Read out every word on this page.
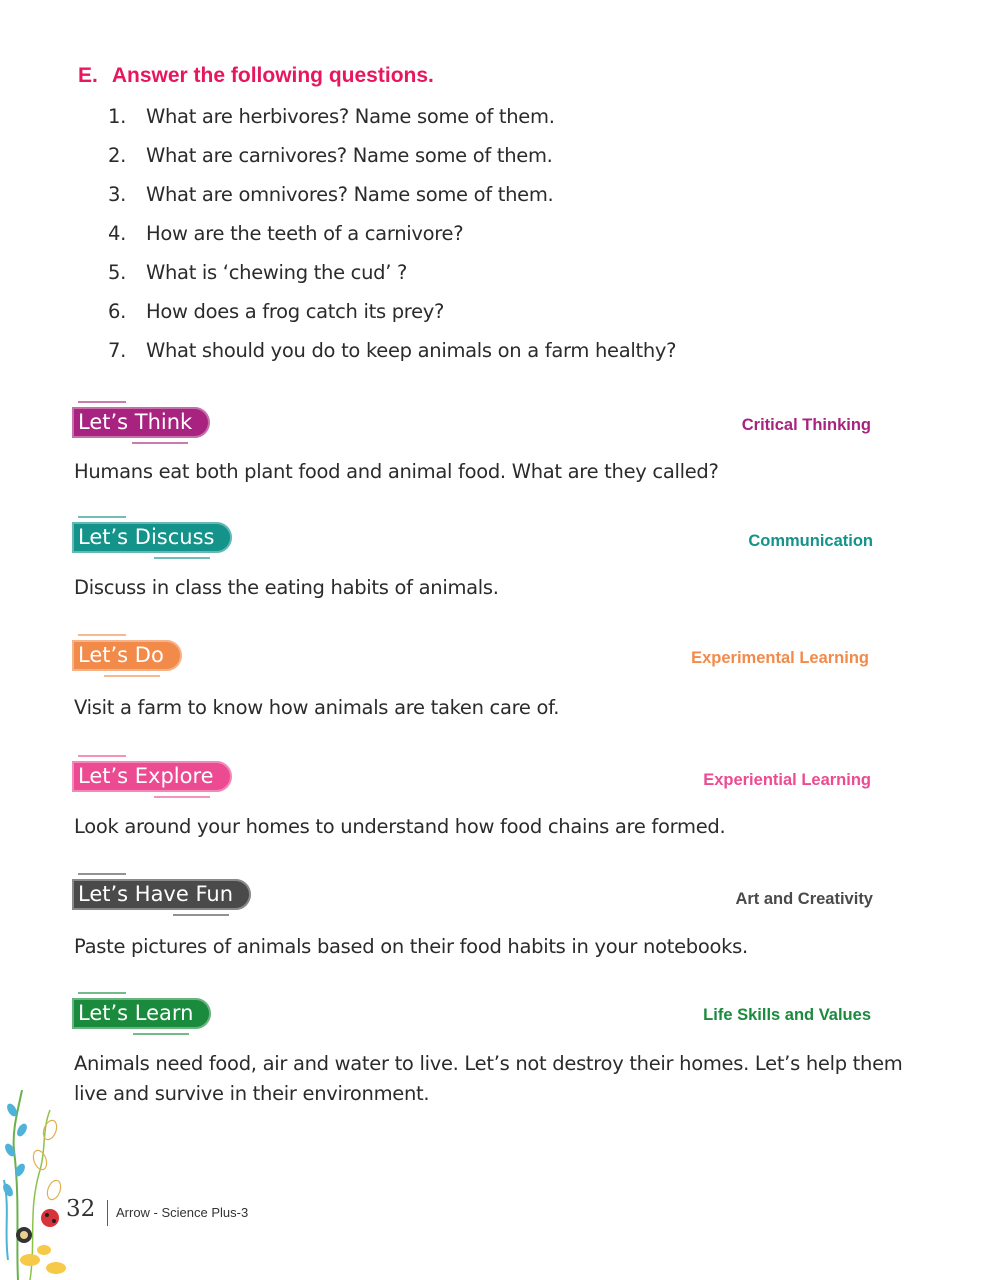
E. Answer the following questions.
1. What are herbivores? Name some of them.
2. What are carnivores? Name some of them.
3. What are omnivores? Name some of them.
4. How are the teeth of a carnivore?
5. What is ‘chewing the cud’ ?
6. How does a frog catch its prey?
7. What should you do to keep animals on a farm healthy?
Let’s Think	Critical Thinking
Humans eat both plant food and animal food. What are they called?
Let’s Discuss	Communication
Discuss in class the eating habits of animals.
Let’s Do	Experimental Learning
Visit a farm to know how animals are taken care of.
Let’s Explore	Experiential Learning
Look around your homes to understand how food chains are formed.
Let’s Have Fun	Art and Creativity
Paste pictures of animals based on their food habits in your notebooks.
Let’s Learn	Life Skills and Values
Animals need food, air and water to live. Let’s not destroy their homes. Let’s help them live and survive in their environment.
32 Arrow - Science Plus-3
